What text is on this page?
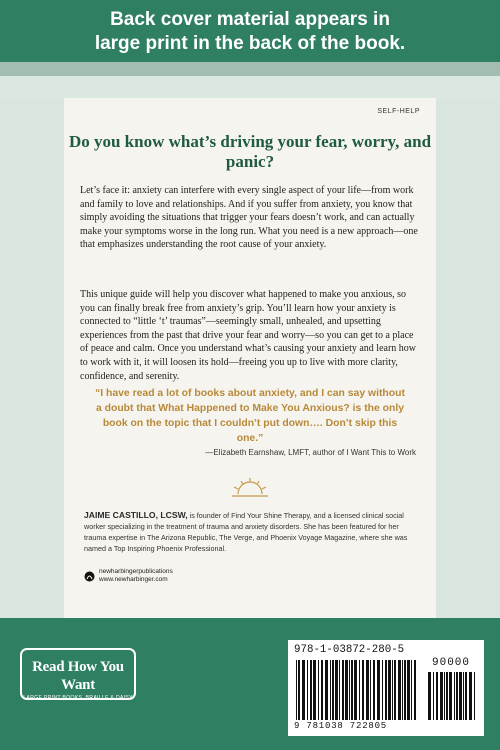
Back cover material appears in
large print in the back of the book.
SELF-HELP
Do you know what’s driving your fear, worry, and panic?

Let’s face it: anxiety can interfere with every single aspect of your life—from work and family to love and relationships. And if you suffer from anxiety, you know that simply avoiding the situations that trigger your fears doesn’t work, and can actually make your symptoms worse in the long run. What you need is a new approach—one that emphasizes understanding the root cause of your anxiety.

This unique guide will help you discover what happened to make you anxious, so you can finally break free from anxiety’s grip. You’ll learn how your anxiety is connected to “little ‘t’ traumas”—seemingly small, unhealed, and upsetting experiences from the past that drive your fear and worry—so you can get to a place of peace and calm. Once you understand what’s causing your anxiety and learn how to work with it, it will loosen its hold—freeing you up to live with more clarity, confidence, and serenity.

“I have read a lot of books about anxiety, and I can say without a doubt that What Happened to Make You Anxious? is the only book on the topic that I couldn’t put down…. Don’t skip this one.”
—Elizabeth Earnshaw, LMFT, author of I Want This to Work
JAIME CASTILLO, LCSW, is founder of Find Your Shine Therapy, and a licensed clinical social worker specializing in the treatment of trauma and anxiety disorders. She has been featured for her trauma expertise in The Arizona Republic, The Verge, and Phoenix Voyage Magazine, where she was named a Top Inspiring Phoenix Professional.
newharbingerpublications
www.newharbinger.com
Read How You Want
LARGE PRINT BOOKS, BRAILLE & DAISY
978-1-03872-280-5
9 781038 722805
90000
